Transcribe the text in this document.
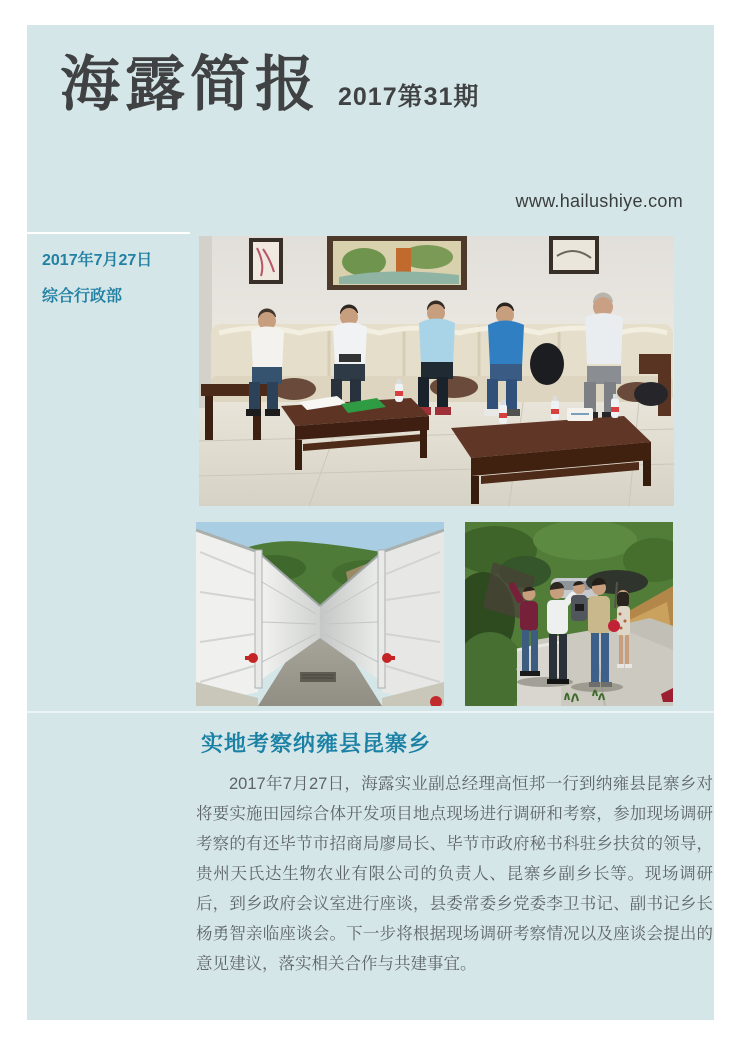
海露简报 2017第31期
www.hailushiye.com
2017年7月27日
综合行政部
实地考察纳雍县昆寨乡
2017年7月27日，海露实业副总经理高恒邦一行到纳雍县昆寨乡对将要实施田园综合体开发项目地点现场进行调研和考察，参加现场调研考察的有还毕节市招商局廖局长、毕节市政府秘书科驻乡扶贫的领导，贵州天氏达生物农业有限公司的负责人、昆寨乡副乡长等。现场调研后，到乡政府会议室进行座谈，县委常委乡党委李卫书记、副书记乡长杨勇智亲临座谈会。下一步将根据现场调研考察情况以及座谈会提出的意见建议，落实相关合作与共建事宜。
